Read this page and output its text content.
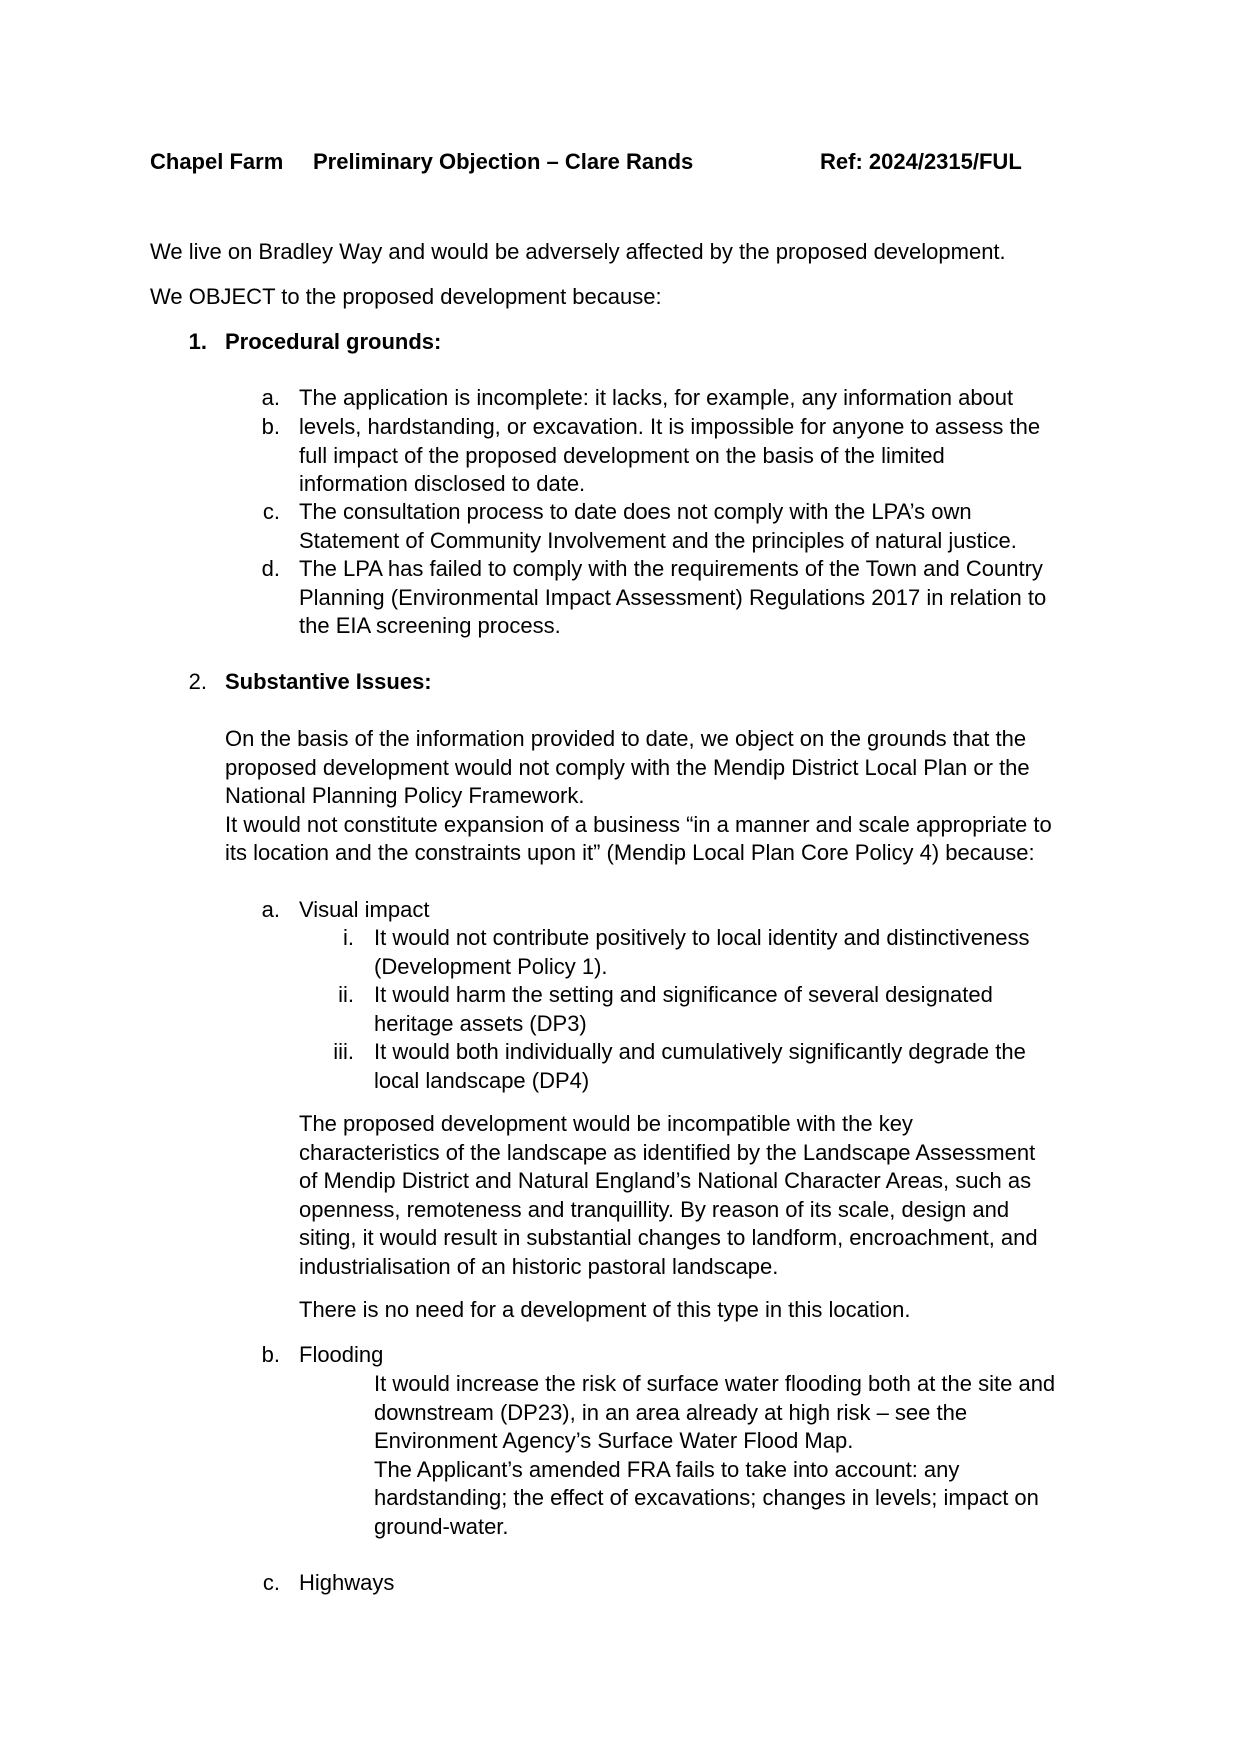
Chapel Farm Preliminary Objection – Clare Rands	Ref: 2024/2315/FUL

We live on Bradley Way and would be adversely affected by the proposed development.

We OBJECT to the proposed development because:

1. Procedural grounds:
a. The application is incomplete: it lacks, for example, any information about
b. levels, hardstanding, or excavation. It is impossible for anyone to assess the
full impact of the proposed development on the basis of the limited
information disclosed to date.
c. The consultation process to date does not comply with the LPA’s own
Statement of Community Involvement and the principles of natural justice.
d. The LPA has failed to comply with the requirements of the Town and Country
Planning (Environmental Impact Assessment) Regulations 2017 in relation to
the EIA screening process.
2. Substantive Issues:
On the basis of the information provided to date, we object on the grounds that the
proposed development would not comply with the Mendip District Local Plan or the
National Planning Policy Framework.
It would not constitute expansion of a business “in a manner and scale appropriate to
its location and the constraints upon it” (Mendip Local Plan Core Policy 4) because:
a. Visual impact
i. It would not contribute positively to local identity and distinctiveness
(Development Policy 1).
ii. It would harm the setting and significance of several designated
heritage assets (DP3)
iii. It would both individually and cumulatively significantly degrade the
local landscape (DP4)
The proposed development would be incompatible with the key
characteristics of the landscape as identified by the Landscape Assessment
of Mendip District and Natural England’s National Character Areas, such as
openness, remoteness and tranquillity. By reason of its scale, design and
siting, it would result in substantial changes to landform, encroachment, and
industrialisation of an historic pastoral landscape.

There is no need for a development of this type in this location.

b. Flooding
It would increase the risk of surface water flooding both at the site and
downstream (DP23), in an area already at high risk – see the
Environment Agency’s Surface Water Flood Map.
The Applicant’s amended FRA fails to take into account: any
hardstanding; the effect of excavations; changes in levels; impact on
ground-water.
c. Highways
